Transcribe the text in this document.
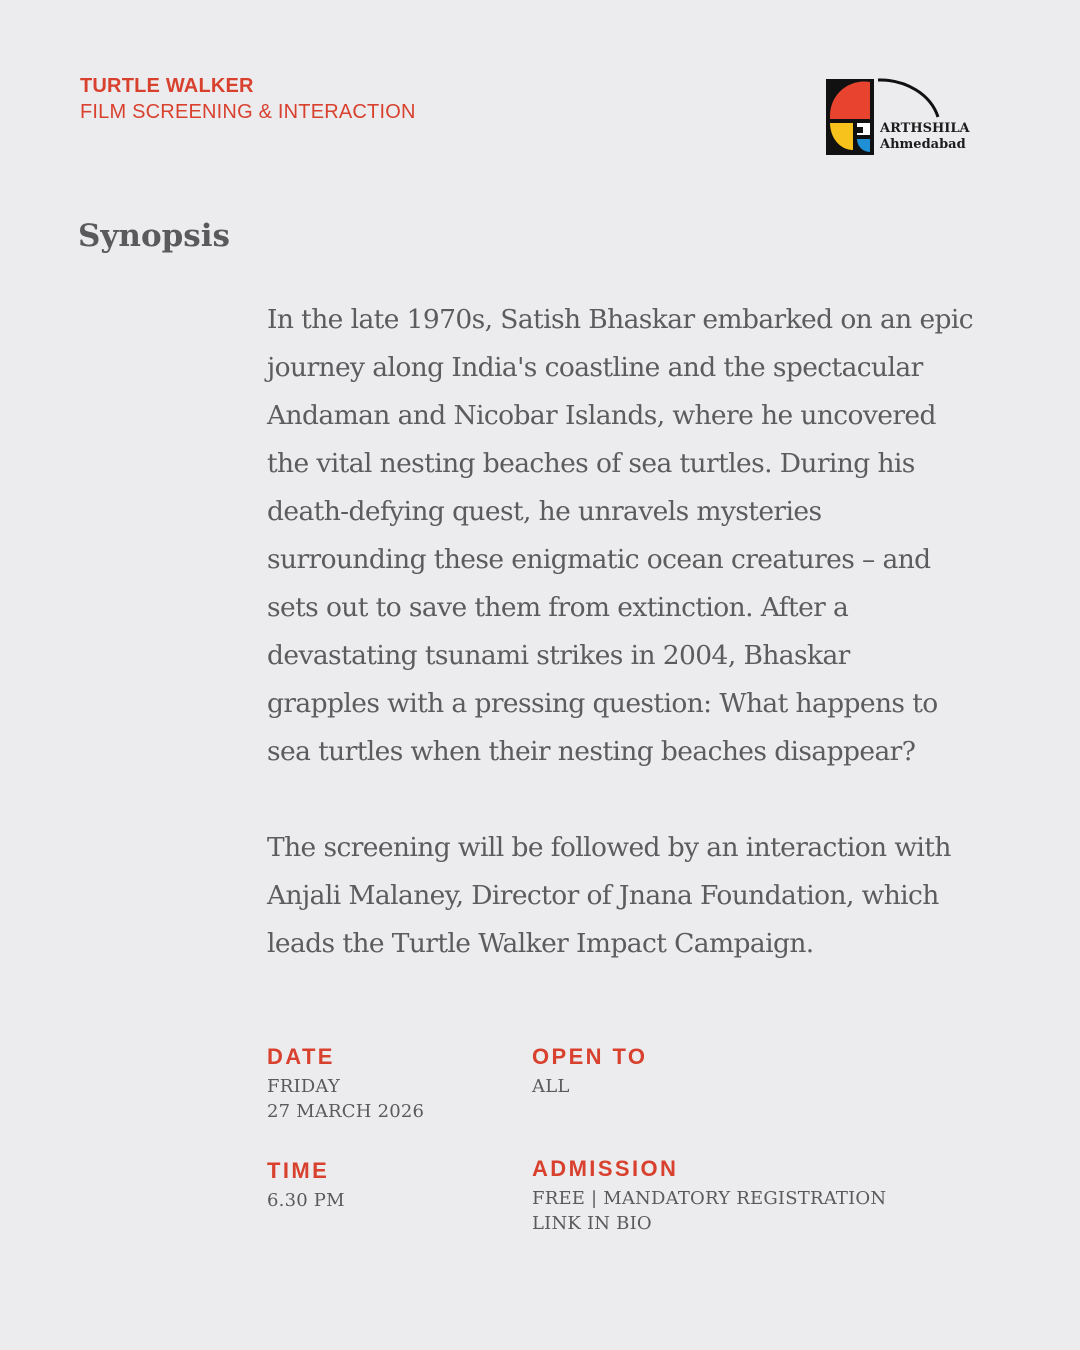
TURTLE WALKER
FILM SCREENING & INTERACTION
ARTHSHILA
Ahmedabad
Synopsis
In the late 1970s, Satish Bhaskar embarked on an epic
journey along India's coastline and the spectacular
Andaman and Nicobar Islands, where he uncovered
the vital nesting beaches of sea turtles. During his
death-defying quest, he unravels mysteries
surrounding these enigmatic ocean creatures – and
sets out to save them from extinction. After a
devastating tsunami strikes in 2004, Bhaskar
grapples with a pressing question: What happens to
sea turtles when their nesting beaches disappear?
The screening will be followed by an interaction with
Anjali Malaney, Director of Jnana Foundation, which
leads the Turtle Walker Impact Campaign.
DATE
FRIDAY
27 MARCH 2026
OPEN TO
ALL
TIME
6.30 PM
ADMISSION
FREE | MANDATORY REGISTRATION
LINK IN BIO
